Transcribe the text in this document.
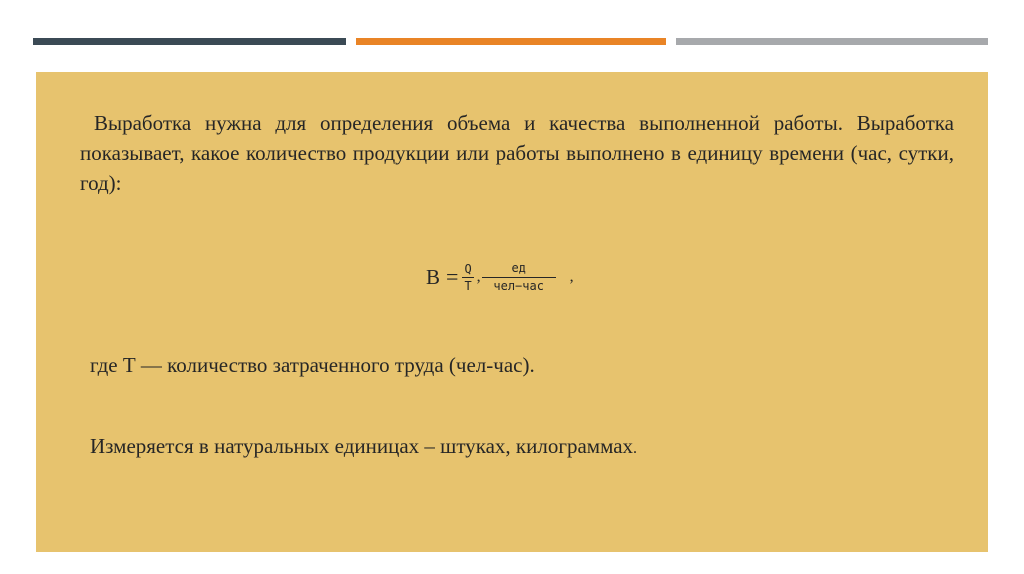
Выработка нужна для определения объема и качества выполненной работы. Выработка показывает, какое количество продукции или работы выполнено в единицу времени (час, сутки, год):

$В = \frac{Q}{T}$ , $\frac{ед}{\text{чел−час}}$ ,

где Т — количество затраченного труда (чел-час).

Измеряется в натуральных единицах – штуках, килограммах.
